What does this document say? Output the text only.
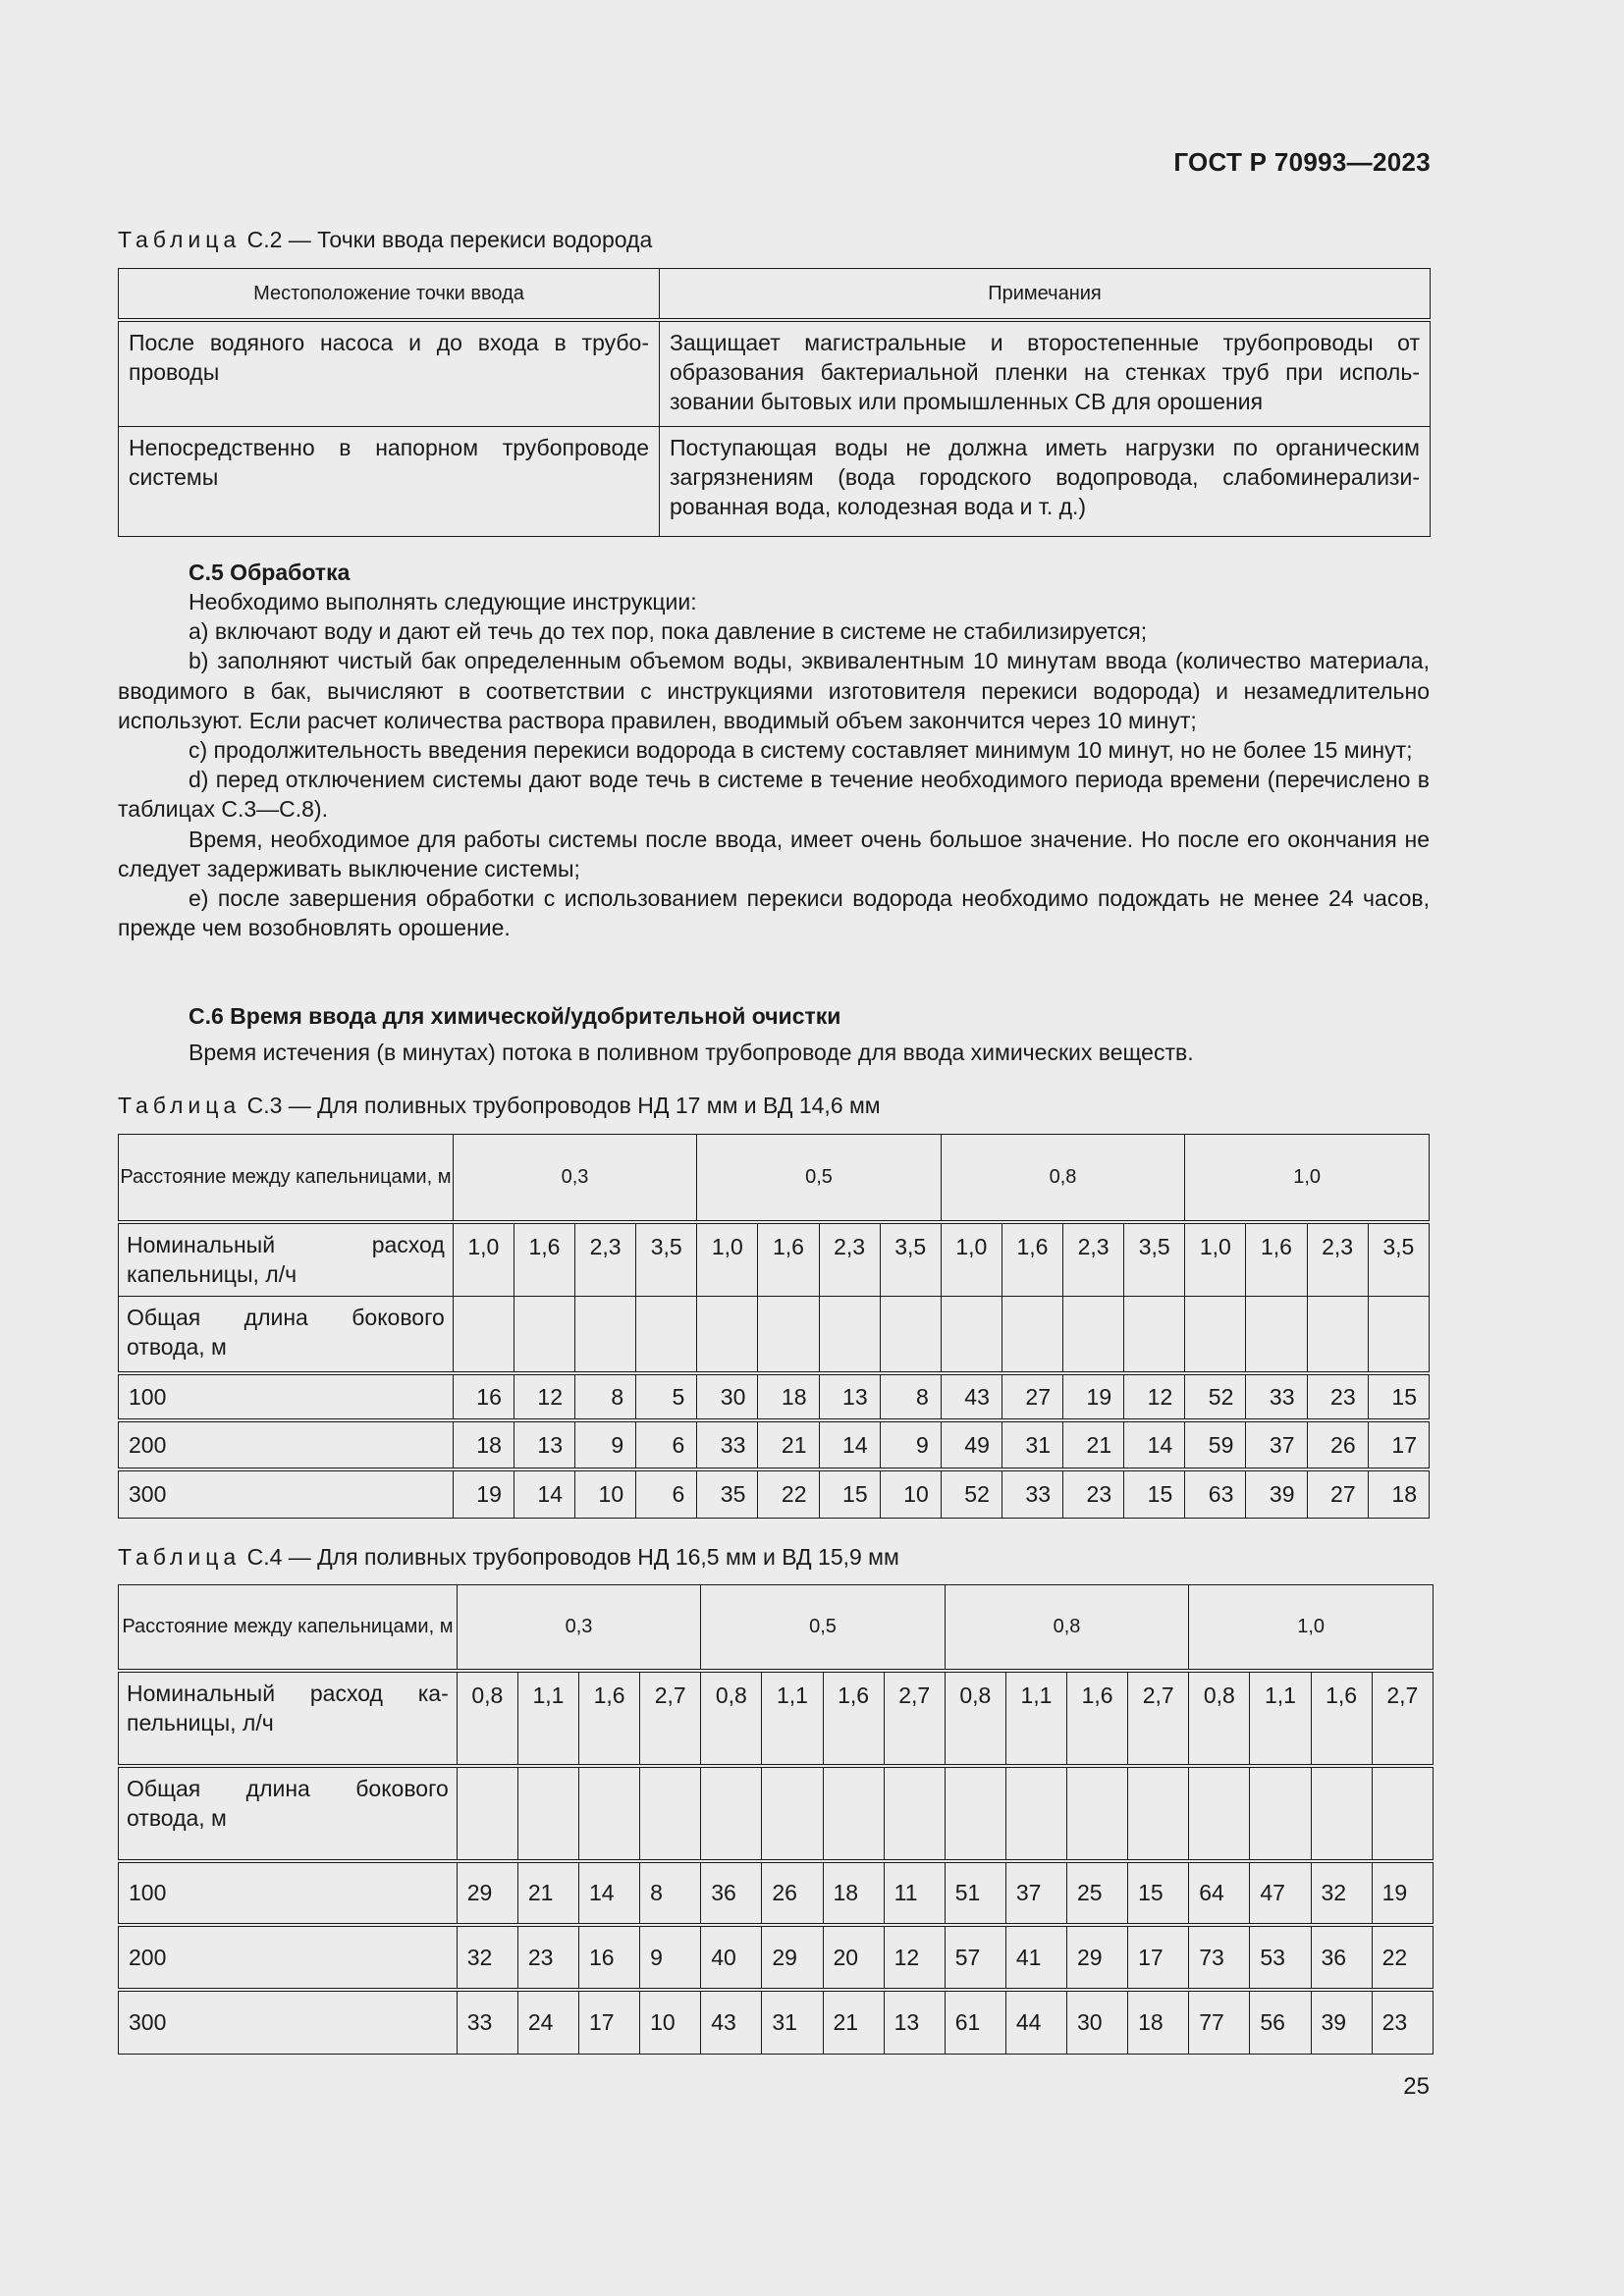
ГОСТ Р 70993—2023
Таблица С.2 — Точки ввода перекиси водорода
Местоположение точки ввода	Примечания
После водяного насоса и до входа в трубо-проводы	Защищает магистральные и второстепенные трубопроводы от образования бактериальной пленки на стенках труб при исполь-зовании бытовых или промышленных СВ для орошения
Непосредственно в напорном трубопроводе системы	Поступающая воды не должна иметь нагрузки по органическим загрязнениям (вода городского водопровода, слабоминерализи-рованная вода, колодезная вода и т. д.)
С.5 Обработка

Необходимо выполнять следующие инструкции:

а) включают воду и дают ей течь до тех пор, пока давление в системе не стабилизируется;

b) заполняют чистый бак определенным объемом воды, эквивалентным 10 минутам ввода (количество материала, вводимого в бак, вычисляют в соответствии с инструкциями изготовителя перекиси водорода) и незамедлительно используют. Если расчет количества раствора правилен, вводимый объем закончится через 10 минут;

c) продолжительность введения перекиси водорода в систему составляет минимум 10 минут, но не более 15 минут;

d) перед отключением системы дают воде течь в системе в течение необходимого периода времени (перечислено в таблицах С.3—С.8).

Время, необходимое для работы системы после ввода, имеет очень большое значение. Но после его окончания не следует задерживать выключение системы;

е) после завершения обработки с использованием перекиси водорода необходимо подождать не менее 24 часов, прежде чем возобновлять орошение.

С.6 Время ввода для химической/удобрительной очистки

Время истечения (в минутах) потока в поливном трубопроводе для ввода химических веществ.

Таблица С.3 — Для поливных трубопроводов НД 17 мм и ВД 14,6 мм
Расстояние между капельницами, м	0,3				0,5				0,8				1,0			
Номинальный расход капельницы, л/ч	1,0	1,6	2,3	3,5	1,0	1,6	2,3	3,5	1,0	1,6	2,3	3,5	1,0	1,6	2,3	3,5
Общая длина бокового отвода, м																
100	16	12	8	5	30	18	13	8	43	27	19	12	52	33	23	15
200	18	13	9	6	33	21	14	9	49	31	21	14	59	37	26	17
300	19	14	10	6	35	22	15	10	52	33	23	15	63	39	27	18
Таблица С.4 — Для поливных трубопроводов НД 16,5 мм и ВД 15,9 мм
Расстояние между капельницами, м	0,3				0,5				0,8				1,0			
Номинальный расход ка-пельницы, л/ч	0,8	1,1	1,6	2,7	0,8	1,1	1,6	2,7	0,8	1,1	1,6	2,7	0,8	1,1	1,6	2,7
Общая длина бокового отвода, м																
100	29	21	14	8	36	26	18	11	51	37	25	15	64	47	32	19
200	32	23	16	9	40	29	20	12	57	41	29	17	73	53	36	22
300	33	24	17	10	43	31	21	13	61	44	30	18	77	56	39	23
25
